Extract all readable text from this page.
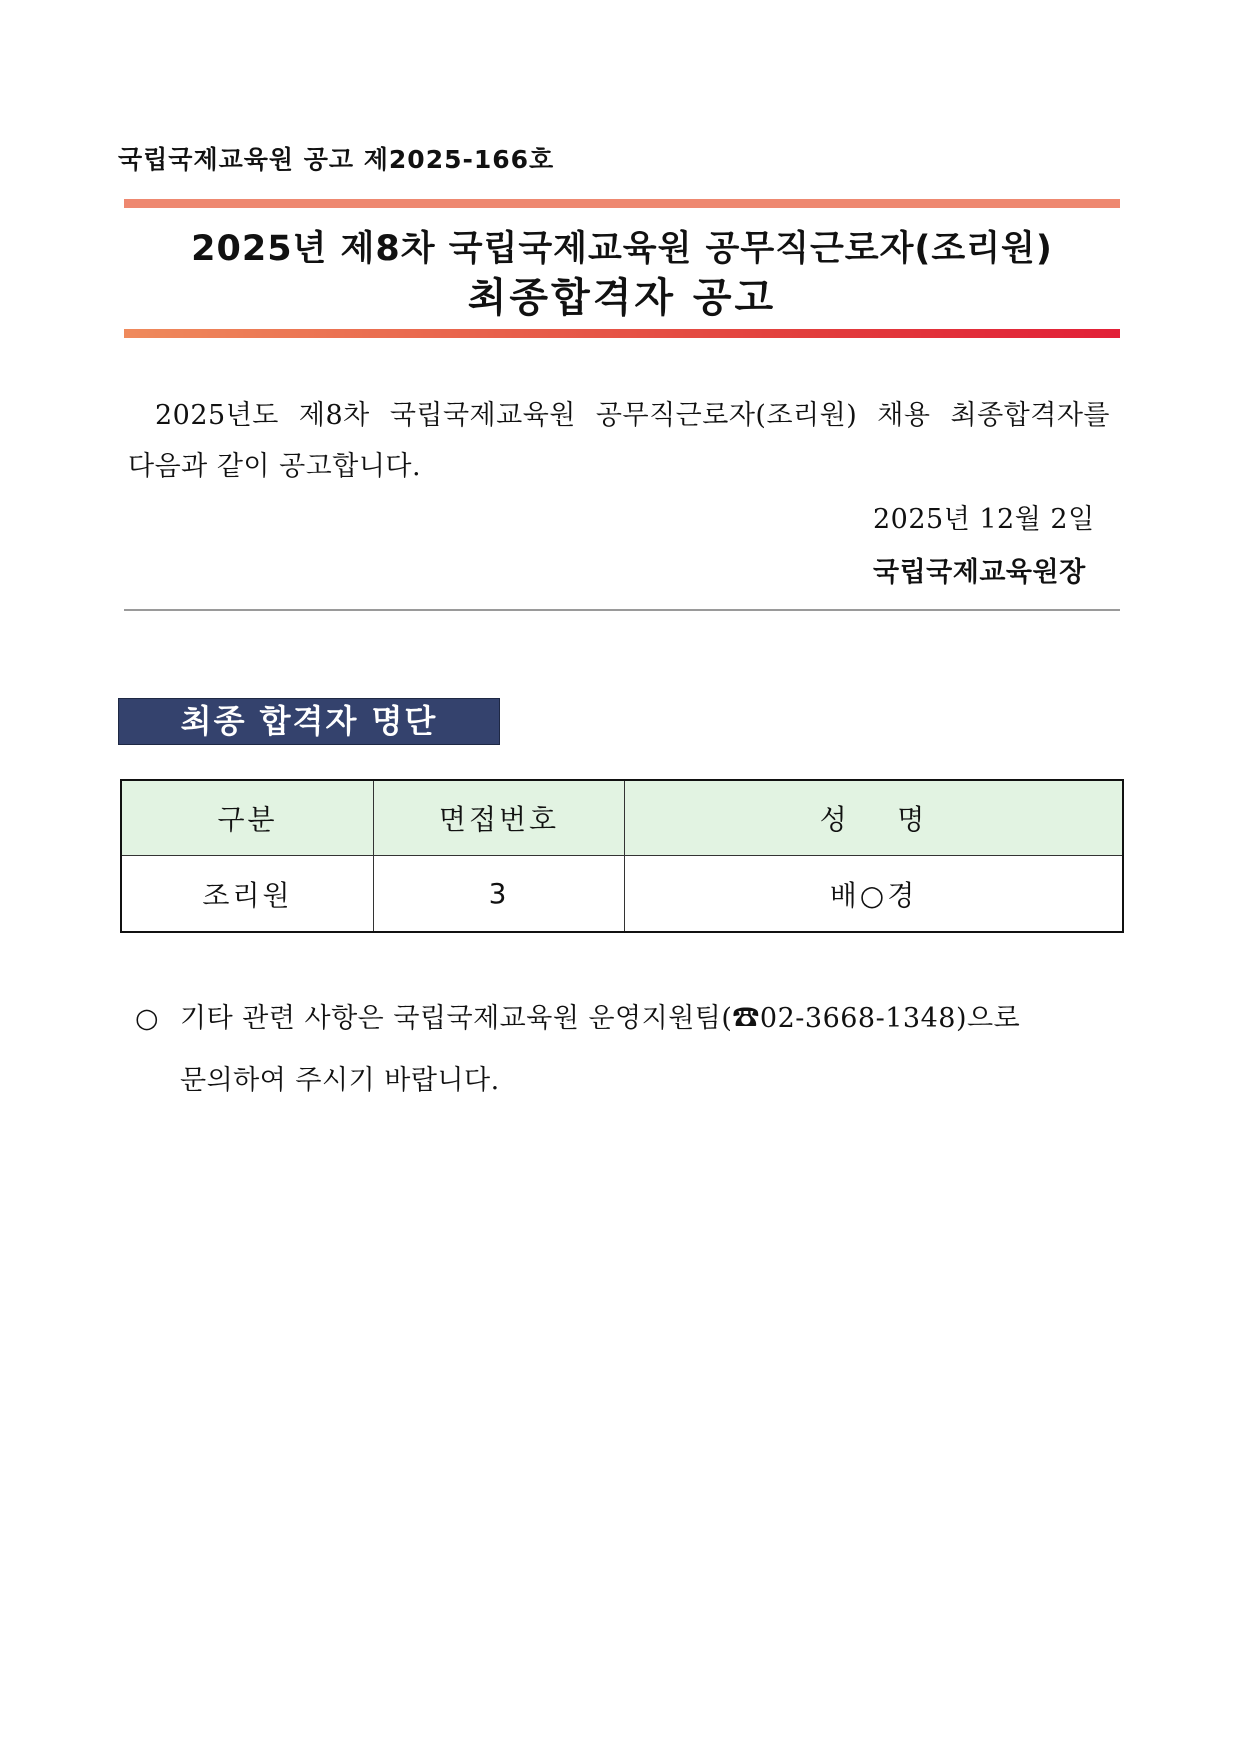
국립국제교육원 공고 제2025-166호
2025년 제8차 국립국제교육원 공무직근로자(조리원)
최종합격자 공고
2025년도 제8차 국립국제교육원 공무직근로자(조리원) 채용 최종합격자를
다음과 같이 공고합니다.
2025년 12월 2일
국립국제교육원장
최종 합격자 명단
구분	면접번호	성    명
조리원	3	배○경
○ 기타 관련 사항은 국립국제교육원 운영지원팀(☎02-3668-1348)으로
문의하여 주시기 바랍니다.
